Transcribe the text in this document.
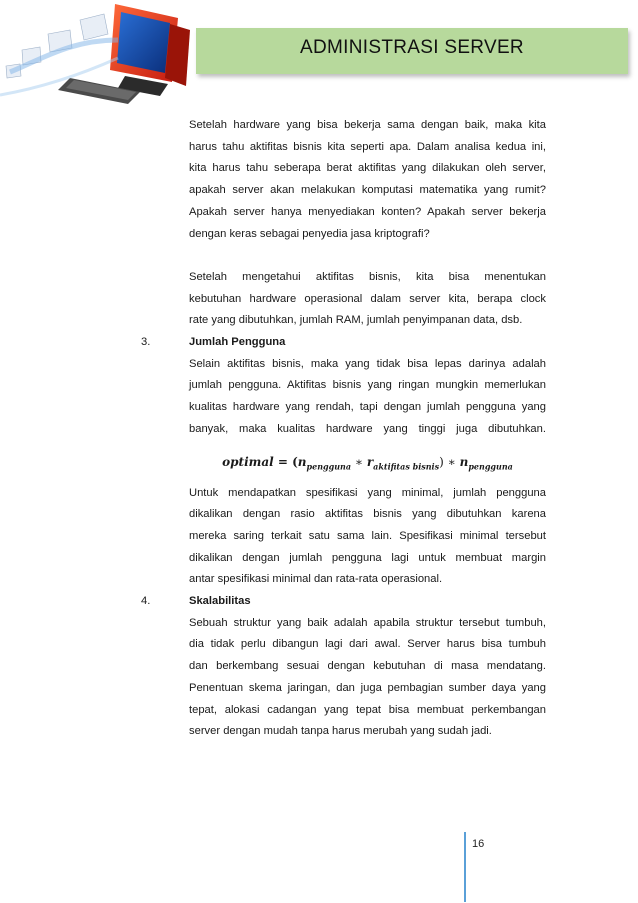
ADMINISTRASI SERVER
Setelah hardware yang bisa bekerja sama dengan baik, maka kita
harus tahu aktifitas bisnis kita seperti apa. Dalam analisa kedua ini,
kita harus tahu seberapa berat aktifitas yang dilakukan oleh server,
apakah server akan melakukan komputasi matematika yang rumit?
Apakah server hanya menyediakan konten? Apakah server bekerja
dengan keras sebagai penyedia jasa kriptografi?
Setelah mengetahui aktifitas bisnis, kita bisa menentukan
kebutuhan hardware operasional dalam server kita, berapa clock
rate yang dibutuhkan, jumlah RAM, jumlah penyimpanan data, dsb.
3.	Jumlah Pengguna
Selain aktifitas bisnis, maka yang tidak bisa lepas darinya adalah
jumlah pengguna. Aktifitas bisnis yang ringan mungkin memerlukan
kualitas hardware yang rendah, tapi dengan jumlah pengguna yang
banyak, maka kualitas hardware yang tinggi juga dibutuhkan.
optimal = ($n_{pengguna}$ ∗ $r_{aktifitas bisnis}$) ∗ $n_{pengguna}$
Untuk mendapatkan spesifikasi yang minimal, jumlah pengguna
dikalikan dengan rasio aktifitas bisnis yang dibutuhkan karena
mereka saring terkait satu sama lain. Spesifikasi minimal tersebut
dikalikan dengan jumlah pengguna lagi untuk membuat margin
antar spesifikasi minimal dan rata-rata operasional.
4.	Skalabilitas
Sebuah struktur yang baik adalah apabila struktur tersebut tumbuh,
dia tidak perlu dibangun lagi dari awal. Server harus bisa tumbuh
dan berkembang sesuai dengan kebutuhan di masa mendatang.
Penentuan skema jaringan, dan juga pembagian sumber daya yang
tepat, alokasi cadangan yang tepat bisa membuat perkembangan
server dengan mudah tanpa harus merubah yang sudah jadi.
16
